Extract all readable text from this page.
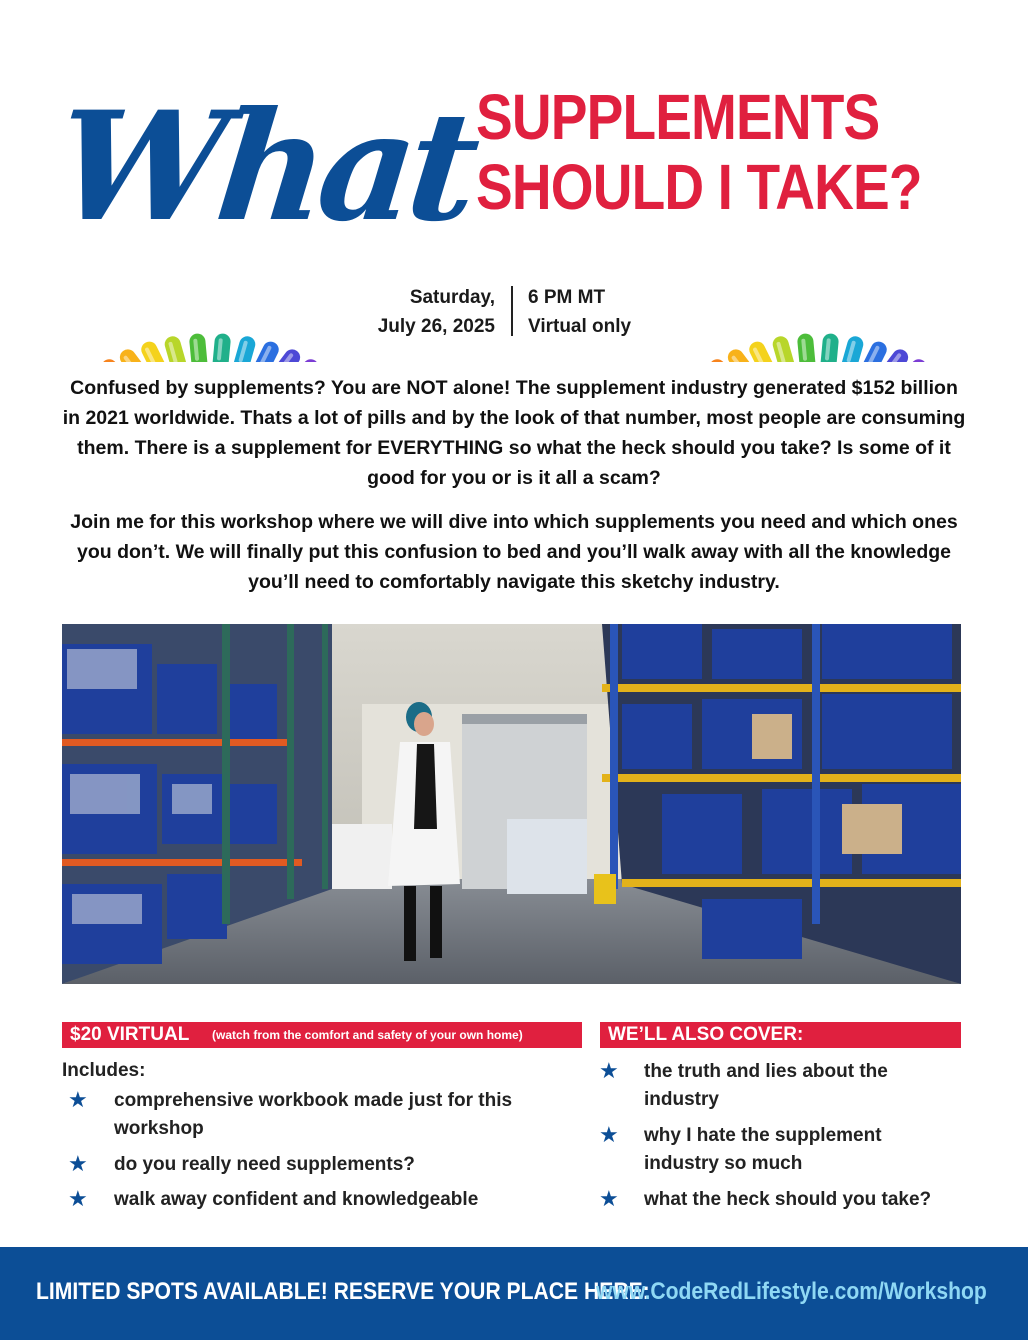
What
SUPPLEMENTS
SHOULD I TAKE?
Saturday,
July 26, 2025
6 PM MT
Virtual only
Confused by supplements? You are NOT alone! The supplement industry generated $152 billion in 2021 worldwide. Thats a lot of pills and by the look of that number, most people are consuming them. There is a supplement for EVERYTHING so what the heck should you take? Is some of it good for you or is it all a scam?
Join me for this workshop where we will dive into which supplements you need and which ones you don’t. We will finally put this confusion to bed and you’ll walk away with all the knowledge you’ll need to comfortably navigate this sketchy industry.
$20 VIRTUAL (watch from the comfort and safety of your own home)
Includes:
★ comprehensive workbook made just for this workshop
★ do you really need supplements?
★ walk away confident and knowledgeable
WE’LL ALSO COVER:
★ the truth and lies about the industry
★ why I hate the supplement industry so much
★ what the heck should you take?
LIMITED SPOTS AVAILABLE! RESERVE YOUR PLACE HERE:
www.CodeRedLifestyle.com/Workshop
